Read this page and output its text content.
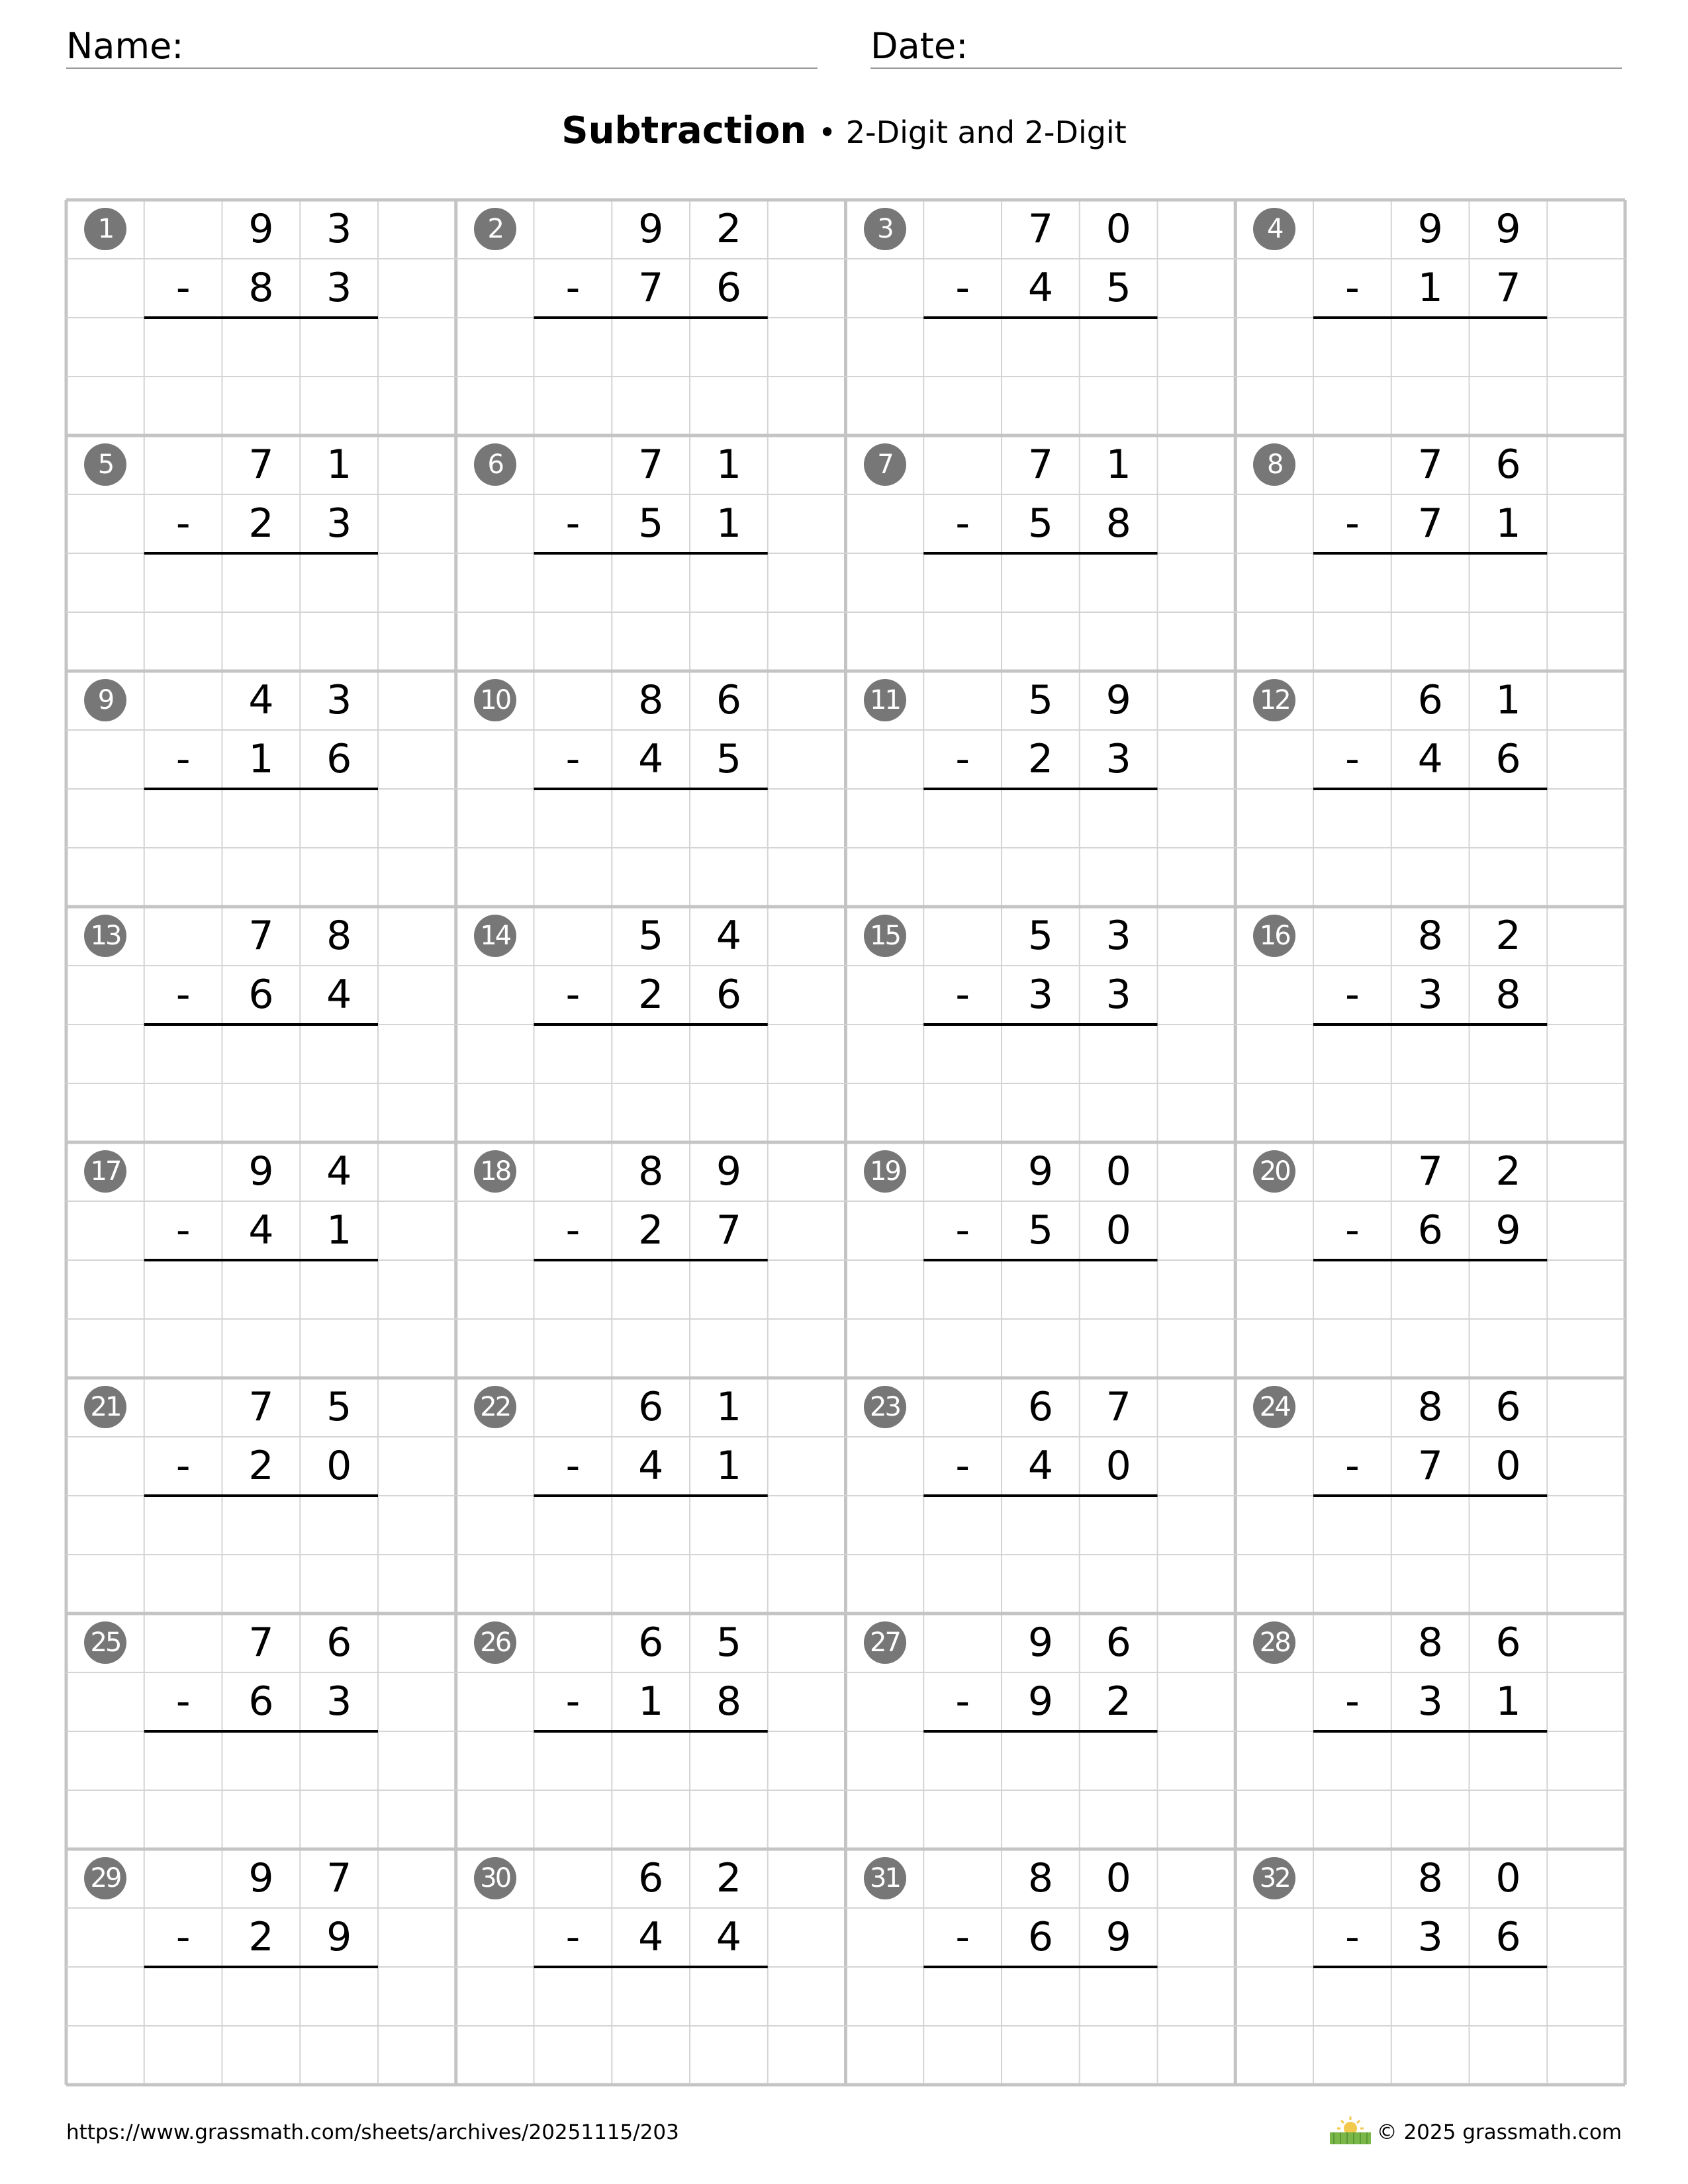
Name:	Date:
Subtraction • 2-Digit and 2-Digit
1	9	3
-	8	3
2	9	2
-	7	6
3	7	0
-	4	5
4	9	9
-	1	7
5	7	1
-	2	3
6	7	1
-	5	1
7	7	1
-	5	8
8	7	6
-	7	1
9	4	3
-	1	6
10	8	6
-	4	5
11	5	9
-	2	3
12	6	1
-	4	6
13	7	8
-	6	4
14	5	4
-	2	6
15	5	3
-	3	3
16	8	2
-	3	8
17	9	4
-	4	1
18	8	9
-	2	7
19	9	0
-	5	0
20	7	2
-	6	9
21	7	5
-	2	0
22	6	1
-	4	1
23	6	7
-	4	0
24	8	6
-	7	0
25	7	6
-	6	3
26	6	5
-	1	8
27	9	6
-	9	2
28	8	6
-	3	1
29	9	7
-	2	9
30	6	2
-	4	4
31	8	0
-	6	9
32	8	0
-	3	6
https://www.grassmath.com/sheets/archives/20251115/203	© 2025 grassmath.com
